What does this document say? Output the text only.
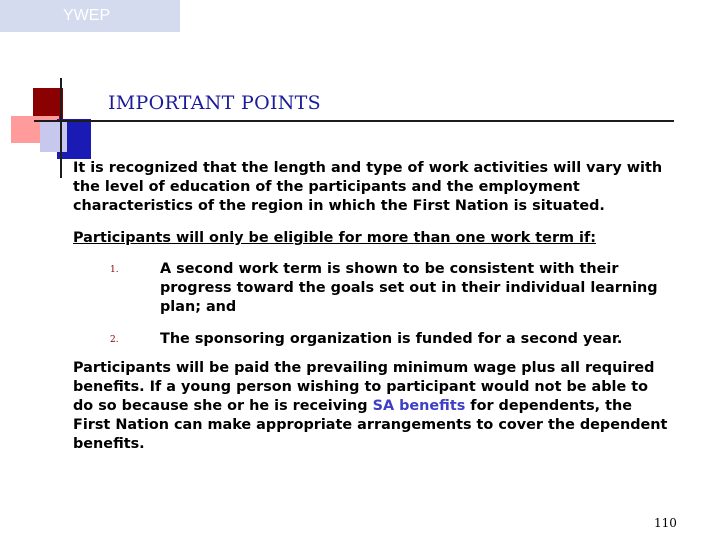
YWEP
IMPORTANT POINTS

It is recognized that the length and type of work activities will vary with
the level of education of the participants and the employment
characteristics of the region in which the First Nation is situated.

Participants will only be eligible for more than one work term if:

1.	A second work term is shown to be consistent with their
progress toward the goals set out in their individual learning
plan; and

2.	The sponsoring organization is funded for a second year.

Participants will be paid the prevailing minimum wage plus all required
benefits. If a young person wishing to participant would not be able to
do so because she or he is receiving SA benefits for dependents, the
First Nation can make appropriate arrangements to cover the dependent
benefits.

110
